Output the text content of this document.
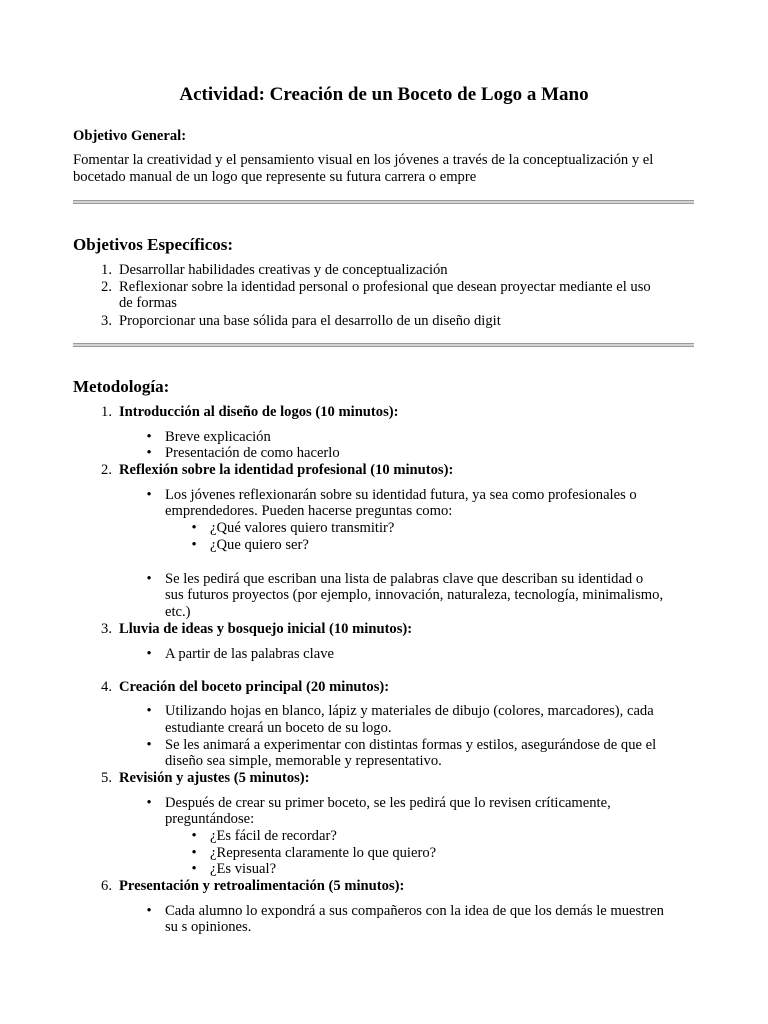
Actividad: Creación de un Boceto de Logo a Mano
Objetivo General:
Fomentar la creatividad y el pensamiento visual en los jóvenes a través de la conceptualización y el
bocetado manual de un logo que represente su futura carrera o empre
Objetivos Específicos:
1. Desarrollar habilidades creativas y de conceptualización
2. Reflexionar sobre la identidad personal o profesional que desean proyectar mediante el uso
de formas
3. Proporcionar una base sólida para el desarrollo de un diseño digit
Metodología:
1. Introducción al diseño de logos (10 minutos):
• Breve explicación
• Presentación de como hacerlo
2. Reflexión sobre la identidad profesional (10 minutos):
• Los jóvenes reflexionarán sobre su identidad futura, ya sea como profesionales o
emprendedores. Pueden hacerse preguntas como:
• ¿Qué valores quiero transmitir?
• ¿Que quiero ser?
• Se les pedirá que escriban una lista de palabras clave que describan su identidad o
sus futuros proyectos (por ejemplo, innovación, naturaleza, tecnología, minimalismo,
etc.)
3. Lluvia de ideas y bosquejo inicial (10 minutos):
• A partir de las palabras clave
4. Creación del boceto principal (20 minutos):
• Utilizando hojas en blanco, lápiz y materiales de dibujo (colores, marcadores), cada
estudiante creará un boceto de su logo.
• Se les animará a experimentar con distintas formas y estilos, asegurándose de que el
diseño sea simple, memorable y representativo.
5. Revisión y ajustes (5 minutos):
• Después de crear su primer boceto, se les pedirá que lo revisen críticamente,
preguntándose:
• ¿Es fácil de recordar?
• ¿Representa claramente lo que quiero?
• ¿Es visual?
6. Presentación y retroalimentación (5 minutos):
• Cada alumno lo expondrá a sus compañeros con la idea de que los demás le muestren
su s opiniones.
